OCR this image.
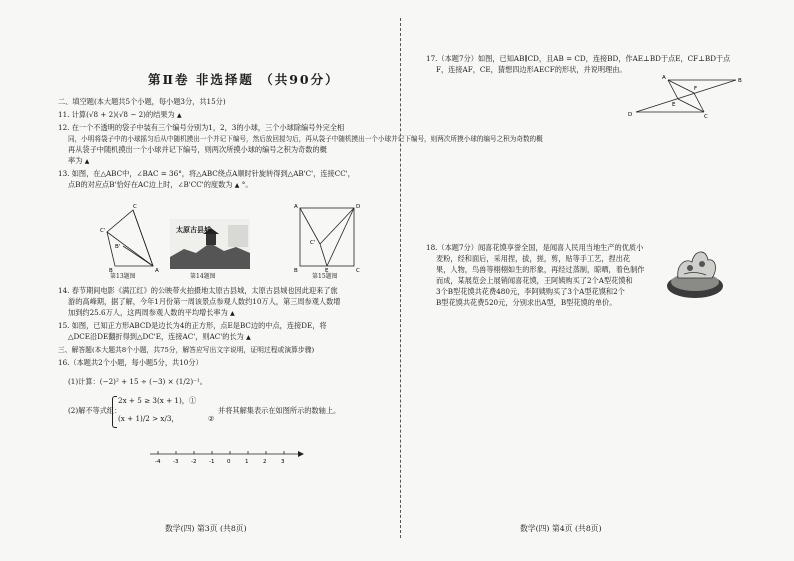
第Ⅱ卷 非选择题 （共90分）
二、填空题(本大题共5个小题，每小题3分，共15分)
11. 计算(√8 + 2)(√8 − 2)的结果为 ▲
12. 在一个不透明的袋子中装有三个编号分别为1，2，3的小球，三个小球除编号外完全相
同，小明将袋子中的小球摇匀后从中随机摸出一个并记下编号，然后放回搅匀后，再从袋子中随机摸出一个小球并记下编号，则两次所摸小球的编号之积为奇数的概
再从袋子中随机摸出一个小球并记下编号，则两次所摸小球的编号之积为奇数的概
率为 ▲
13. 如图，在△ABC中，∠BAC = 36°，将△ABC绕点A顺时针旋转得到△AB'C'，连接CC'，
点B的对应点B'恰好在AC边上时，∠B'CC'的度数为 ▲ °。
C
C'
B'
B	A
第13题图
太原古县城
第14题图
A	D
C'
B	E	C
第15题图
14. 春节期间电影《满江红》的公映带火拍摄地太原古县城，太原古县城也因此迎来了旅
游的高峰期，据了解，今年1月份第一周该景点参观人数约10万人，第三周参观人数增
加到约25.6万人，这两周参观人数的平均增长率为 ▲
15. 如图，已知正方形ABCD是边长为4的正方形，点E是BC边的中点，连接DE，将
△DCE沿DE翻折得到△DC'E，连接AC'，则AC'的长为 ▲
三、解答题(本大题共8个小题，共75分，解答应写出文字说明，证明过程或演算步骤)
16.（本题共2个小题，每小题5分，共10分）
(1)计算：(−2)² + 15 ÷ (−3) × (1/2)⁻¹。
(2)解不等式组：
2x + 5 ≥ 3(x + 1)，①
(x + 1)/2 > x/3，	②
并将其解集表示在如图所示的数轴上。
-4 -3 -2 -1 0	1	2	3
数学(四) 第3页 (共8页)
17.（本题7分）如图，已知AB∥CD，且AB = CD，连接BD，作AE⊥BD于点E，CF⊥BD于点
F，连接AF，CE，猜想四边形AECF的形状，并说明理由。
A	B
E
F
D	C
18.（本题7分）闻喜花馍享誉全国，是闻喜人民用当地生产的优质小
麦粉，经和面后，采用捏，拔，搓，剪，贴等手工艺，捏出花
果，人物，鸟兽等栩栩如生的形象，再经过蒸制，晾晒，着色制作
而成，某展览会上展销闻喜花馍，王阿姨购买了2个A型花馍和
3个B型花馍共花费480元，李阿姨购买了3个A型花馍和2个
B型花馍共花费520元，分别求出A型，B型花馍的单价。
数学(四) 第4页 (共8页)
